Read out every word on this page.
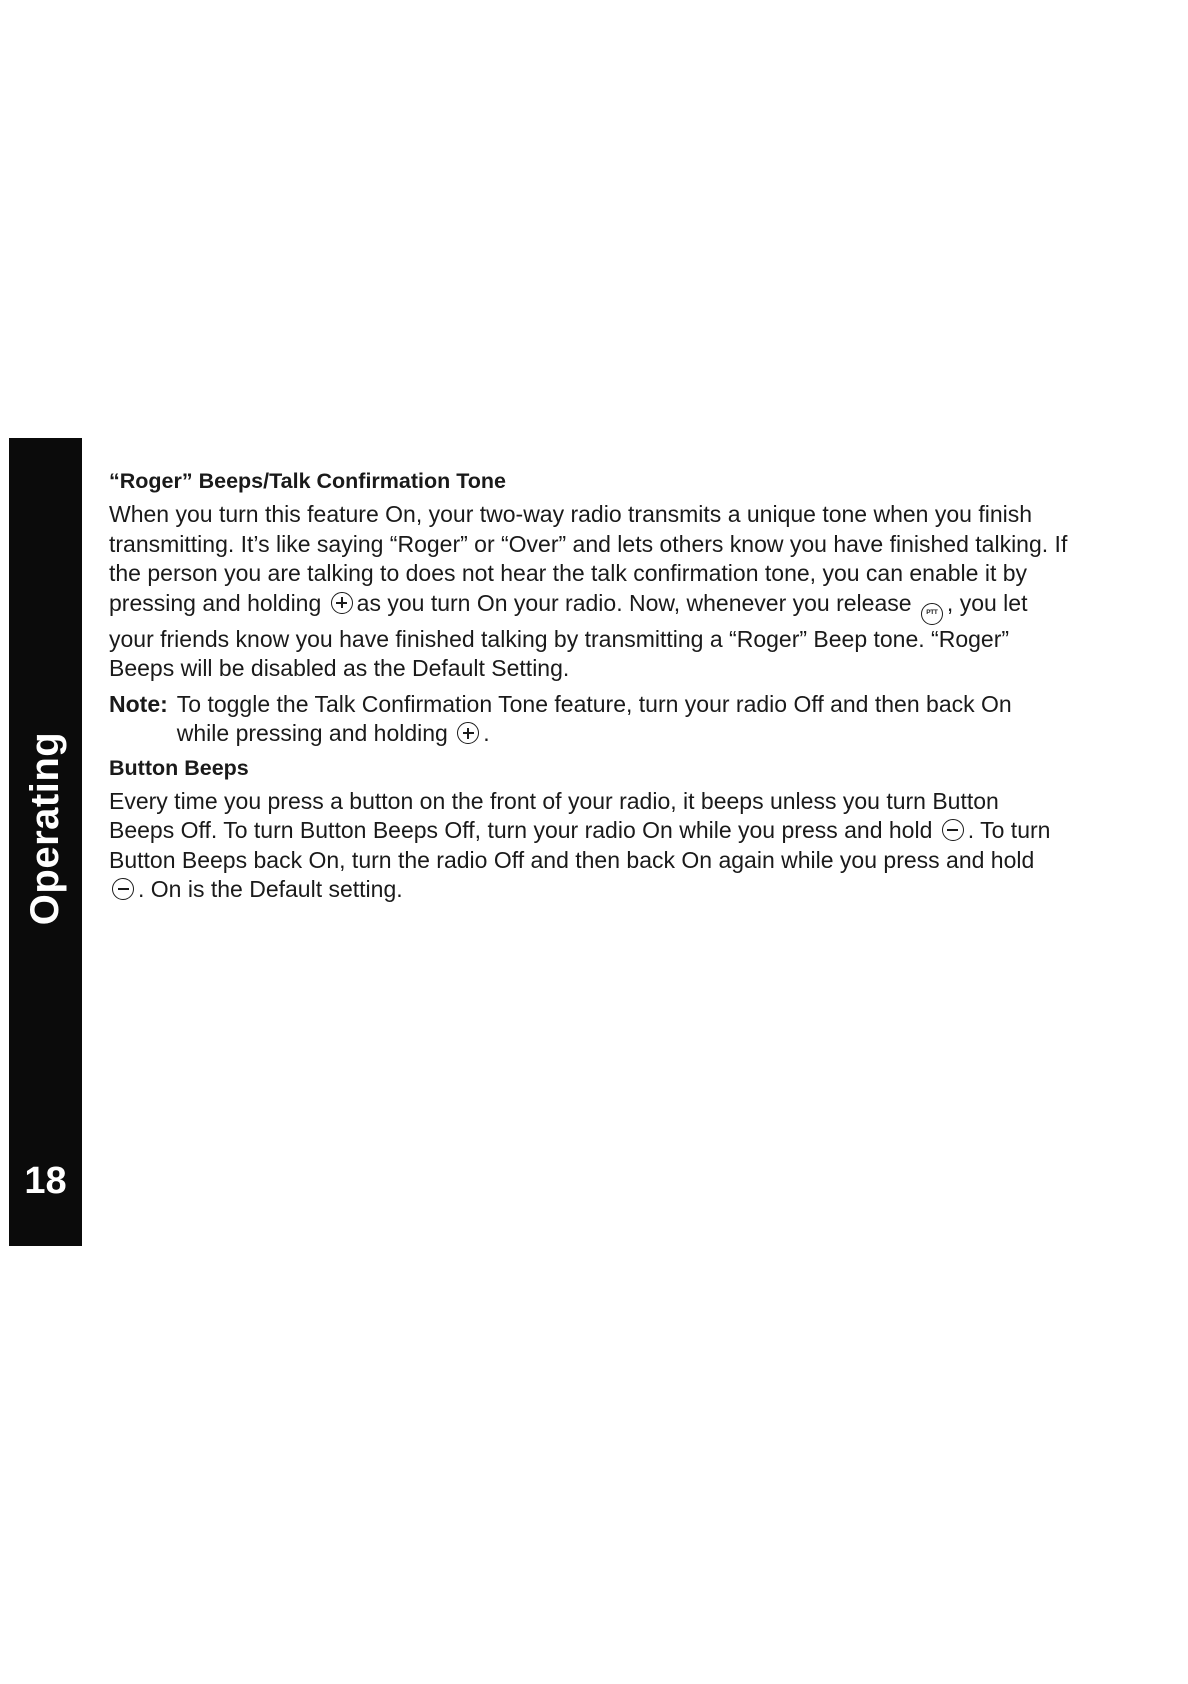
Operating
18
“Roger” Beeps/Talk Confirmation Tone

When you turn this feature On, your two-way radio transmits a unique tone when you finish transmitting. It’s like saying “Roger” or “Over” and lets others know you have finished talking. If the person you are talking to does not hear the talk confirmation tone, you can enable it by pressing and holding as you turn On your radio. Now, whenever you release PTT , you let your friends know you have finished talking by transmitting a “Roger” Beep tone. “Roger” Beeps will be disabled as the Default Setting.

Note: To toggle the Talk Confirmation Tone feature, turn your radio Off and then back On while pressing and holding .
Button Beeps

Every time you press a button on the front of your radio, it beeps unless you turn Button Beeps Off. To turn Button Beeps Off, turn your radio On while you press and hold . To turn Button Beeps back On, turn the radio Off and then back On again while you press and hold . On is the Default setting.
